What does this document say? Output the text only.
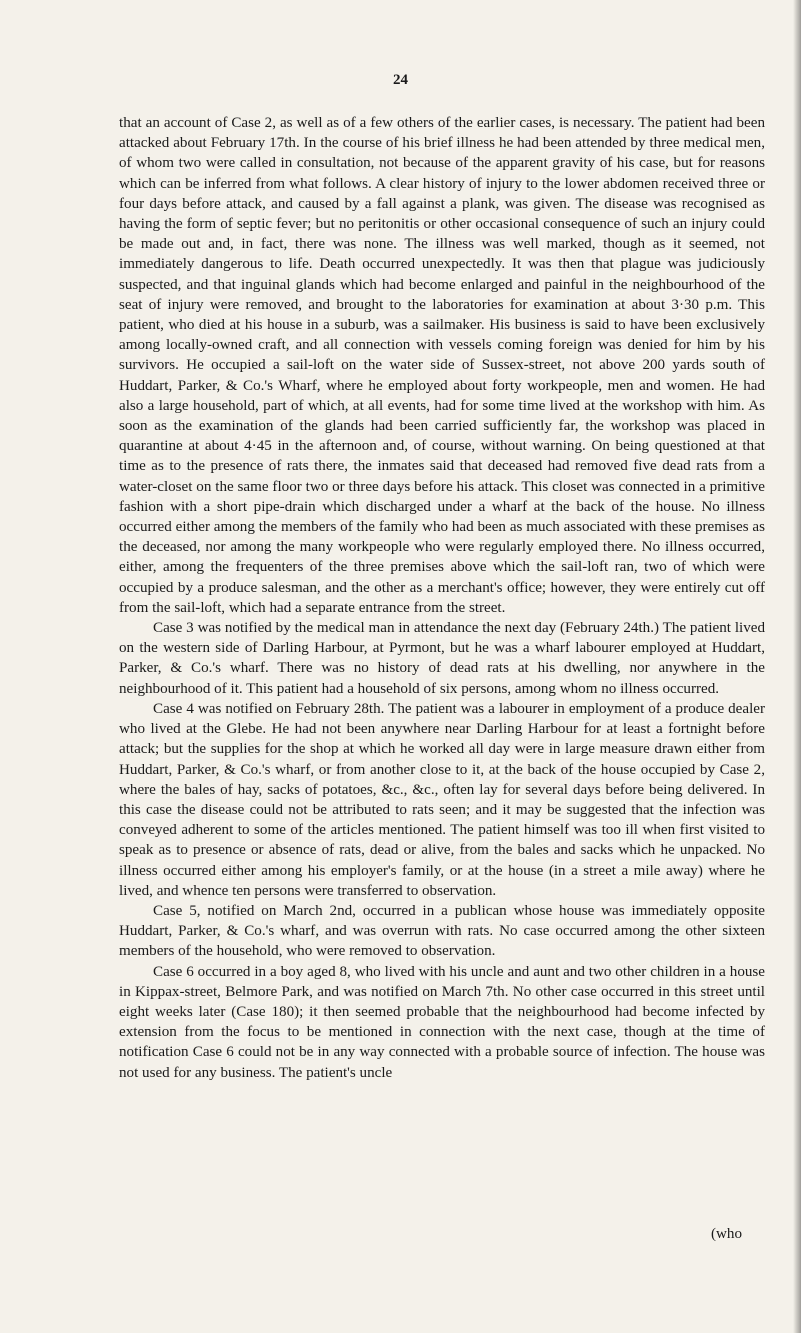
24

that an account of Case 2, as well as of a few others of the earlier cases, is necessary. The patient had been attacked about February 17th. In the course of his brief illness he had been attended by three medical men, of whom two were called in consultation, not because of the apparent gravity of his case, but for reasons which can be inferred from what follows. A clear history of injury to the lower abdomen received three or four days before attack, and caused by a fall against a plank, was given. The disease was recognised as having the form of septic fever; but no peritonitis or other occasional consequence of such an injury could be made out and, in fact, there was none. The illness was well marked, though as it seemed, not immediately dangerous to life. Death occurred unexpectedly. It was then that plague was judiciously suspected, and that inguinal glands which had become enlarged and painful in the neighbourhood of the seat of injury were removed, and brought to the laboratories for examination at about 3·30 p.m. This patient, who died at his house in a suburb, was a sailmaker. His business is said to have been exclusively among locally-owned craft, and all connection with vessels coming foreign was denied for him by his survivors. He occupied a sail-loft on the water side of Sussex-street, not above 200 yards south of Huddart, Parker, & Co.'s Wharf, where he employed about forty workpeople, men and women. He had also a large household, part of which, at all events, had for some time lived at the workshop with him. As soon as the examination of the glands had been carried sufficiently far, the workshop was placed in quarantine at about 4·45 in the afternoon and, of course, without warning. On being questioned at that time as to the presence of rats there, the inmates said that deceased had removed five dead rats from a water-closet on the same floor two or three days before his attack. This closet was connected in a primitive fashion with a short pipe-drain which discharged under a wharf at the back of the house. No illness occurred either among the members of the family who had been as much associated with these premises as the deceased, nor among the many workpeople who were regularly employed there. No illness occurred, either, among the frequenters of the three premises above which the sail-loft ran, two of which were occupied by a produce salesman, and the other as a merchant's office; however, they were entirely cut off from the sail-loft, which had a separate entrance from the street.

Case 3 was notified by the medical man in attendance the next day (February 24th.) The patient lived on the western side of Darling Harbour, at Pyrmont, but he was a wharf labourer employed at Huddart, Parker, & Co.'s wharf. There was no history of dead rats at his dwelling, nor anywhere in the neighbourhood of it. This patient had a household of six persons, among whom no illness occurred.

Case 4 was notified on February 28th. The patient was a labourer in employment of a produce dealer who lived at the Glebe. He had not been anywhere near Darling Harbour for at least a fortnight before attack; but the supplies for the shop at which he worked all day were in large measure drawn either from Huddart, Parker, & Co.'s wharf, or from another close to it, at the back of the house occupied by Case 2, where the bales of hay, sacks of potatoes, &c., &c., often lay for several days before being delivered. In this case the disease could not be attributed to rats seen; and it may be suggested that the infection was conveyed adherent to some of the articles mentioned. The patient himself was too ill when first visited to speak as to presence or absence of rats, dead or alive, from the bales and sacks which he unpacked. No illness occurred either among his employer's family, or at the house (in a street a mile away) where he lived, and whence ten persons were transferred to observation.

Case 5, notified on March 2nd, occurred in a publican whose house was immediately opposite Huddart, Parker, & Co.'s wharf, and was overrun with rats. No case occurred among the other sixteen members of the household, who were removed to observation.

Case 6 occurred in a boy aged 8, who lived with his uncle and aunt and two other children in a house in Kippax-street, Belmore Park, and was notified on March 7th. No other case occurred in this street until eight weeks later (Case 180); it then seemed probable that the neighbourhood had become infected by extension from the focus to be mentioned in connection with the next case, though at the time of notification Case 6 could not be in any way connected with a probable source of infection. The house was not used for any business. The patient's uncle

(who
